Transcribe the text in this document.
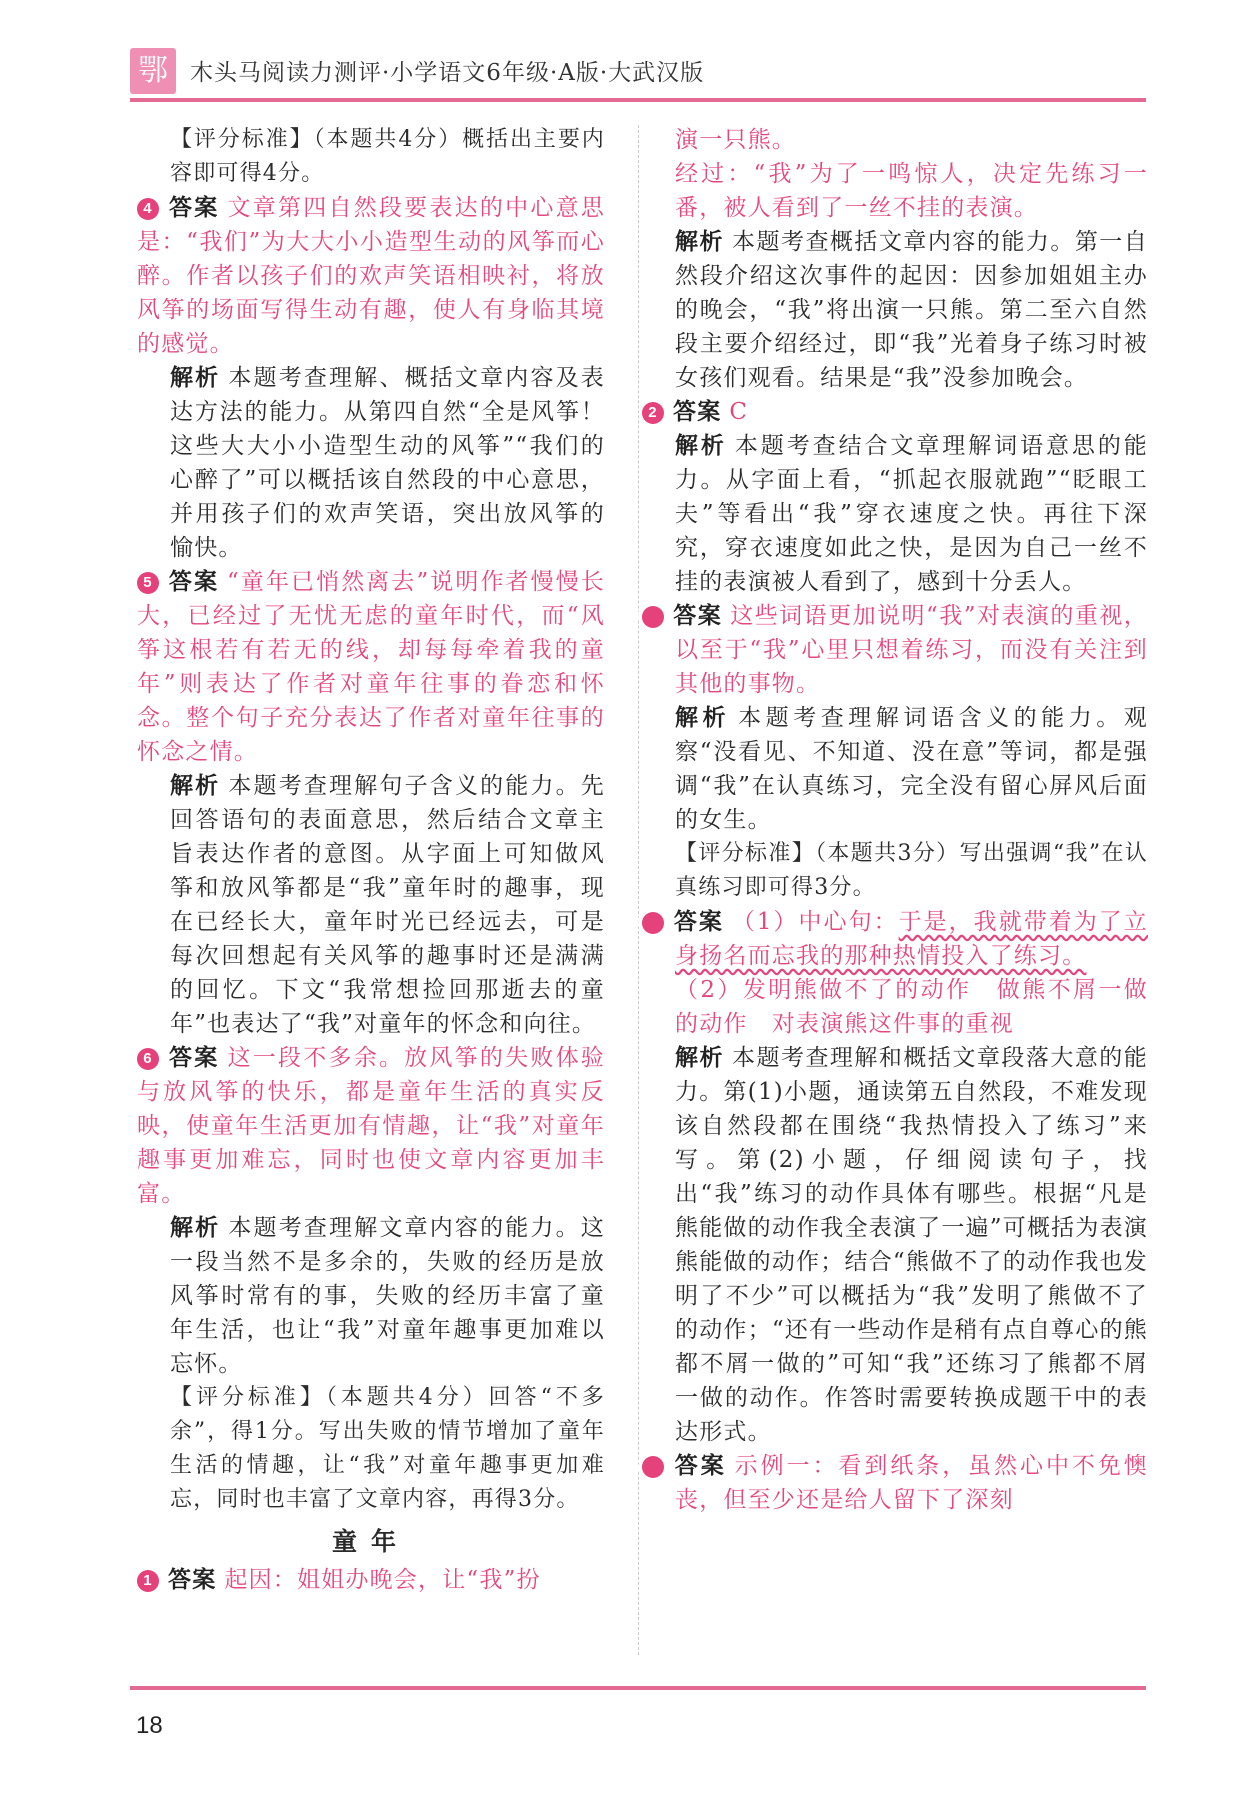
鄂 木头马阅读力测评·小学语文6年级·A版·大武汉版

【评分标准】（本题共4分）概括出主要内容即可得4分。

4 答案 文章第四自然段要表达的中心意思是：“我们”为大大小小造型生动的风筝而心醉。作者以孩子们的欢声笑语相映衬，将放风筝的场面写得生动有趣，使人有身临其境的感觉。

解析 本题考查理解、概括文章内容及表达方法的能力。从第四自然“全是风筝！这些大大小小造型生动的风筝”“我们的心醉了”可以概括该自然段的中心意思，并用孩子们的欢声笑语，突出放风筝的愉快。

5 答案 “童年已悄然离去”说明作者慢慢长大，已经过了无忧无虑的童年时代，而“风筝这根若有若无的线，却每每牵着我的童年”则表达了作者对童年往事的眷恋和怀念。整个句子充分表达了作者对童年往事的怀念之情。

解析 本题考查理解句子含义的能力。先回答语句的表面意思，然后结合文章主旨表达作者的意图。从字面上可知做风筝和放风筝都是“我”童年时的趣事，现在已经长大，童年时光已经远去，可是每次回想起有关风筝的趣事时还是满满的回忆。下文“我常想捡回那逝去的童年”也表达了“我”对童年的怀念和向往。

6 答案 这一段不多余。放风筝的失败体验与放风筝的快乐，都是童年生活的真实反映，使童年生活更加有情趣，让“我”对童年趣事更加难忘，同时也使文章内容更加丰富。

解析 本题考查理解文章内容的能力。这一段当然不是多余的，失败的经历是放风筝时常有的事，失败的经历丰富了童年生活，也让“我”对童年趣事更加难以忘怀。

【评分标准】（本题共4分）回答“不多余”，得1分。写出失败的情节增加了童年生活的情趣，让“我”对童年趣事更加难忘，同时也丰富了文章内容，再得3分。

童年

1 答案 起因：姐姐办晚会，让“我”扮

演一只熊。

经过：“我”为了一鸣惊人，决定先练习一番，被人看到了一丝不挂的表演。

解析 本题考查概括文章内容的能力。第一自然段介绍这次事件的起因：因参加姐姐主办的晚会，“我”将出演一只熊。第二至六自然段主要介绍经过，即“我”光着身子练习时被女孩们观看。结果是“我”没参加晚会。

2 答案 C

解析 本题考查结合文章理解词语意思的能力。从字面上看，“抓起衣服就跑”“眨眼工夫”等看出“我”穿衣速度之快。再往下深究，穿衣速度如此之快，是因为自己一丝不挂的表演被人看到了，感到十分丢人。

3 答案 这些词语更加说明“我”对表演的重视，以至于“我”心里只想着练习，而没有关注到其他的事物。

解析 本题考查理解词语含义的能力。观察“没看见、不知道、没在意”等词，都是强调“我”在认真练习，完全没有留心屏风后面的女生。

【评分标准】（本题共3分）写出强调“我”在认真练习即可得3分。

4 答案 （1）中心句：于是，我就带着为了立身扬名而忘我的那种热情投入了练习。

（2）发明熊做不了的动作　做熊不屑一做的动作　对表演熊这件事的重视

解析 本题考查理解和概括文章段落大意的能力。第(1)小题，通读第五自然段，不难发现该自然段都在围绕“我热情投入了练习”来写。第(2)小题，仔细阅读句子，找出“我”练习的动作具体有哪些。根据“凡是熊能做的动作我全表演了一遍”可概括为表演熊能做的动作；结合“熊做不了的动作我也发明了不少”可以概括为“我”发明了熊做不了的动作；“还有一些动作是稍有点自尊心的熊都不屑一做的”可知“我”还练习了熊都不屑一做的动作。作答时需要转换成题干中的表达形式。

5 答案 示例一：看到纸条，虽然心中不免懊丧，但至少还是给人留下了深刻

18
